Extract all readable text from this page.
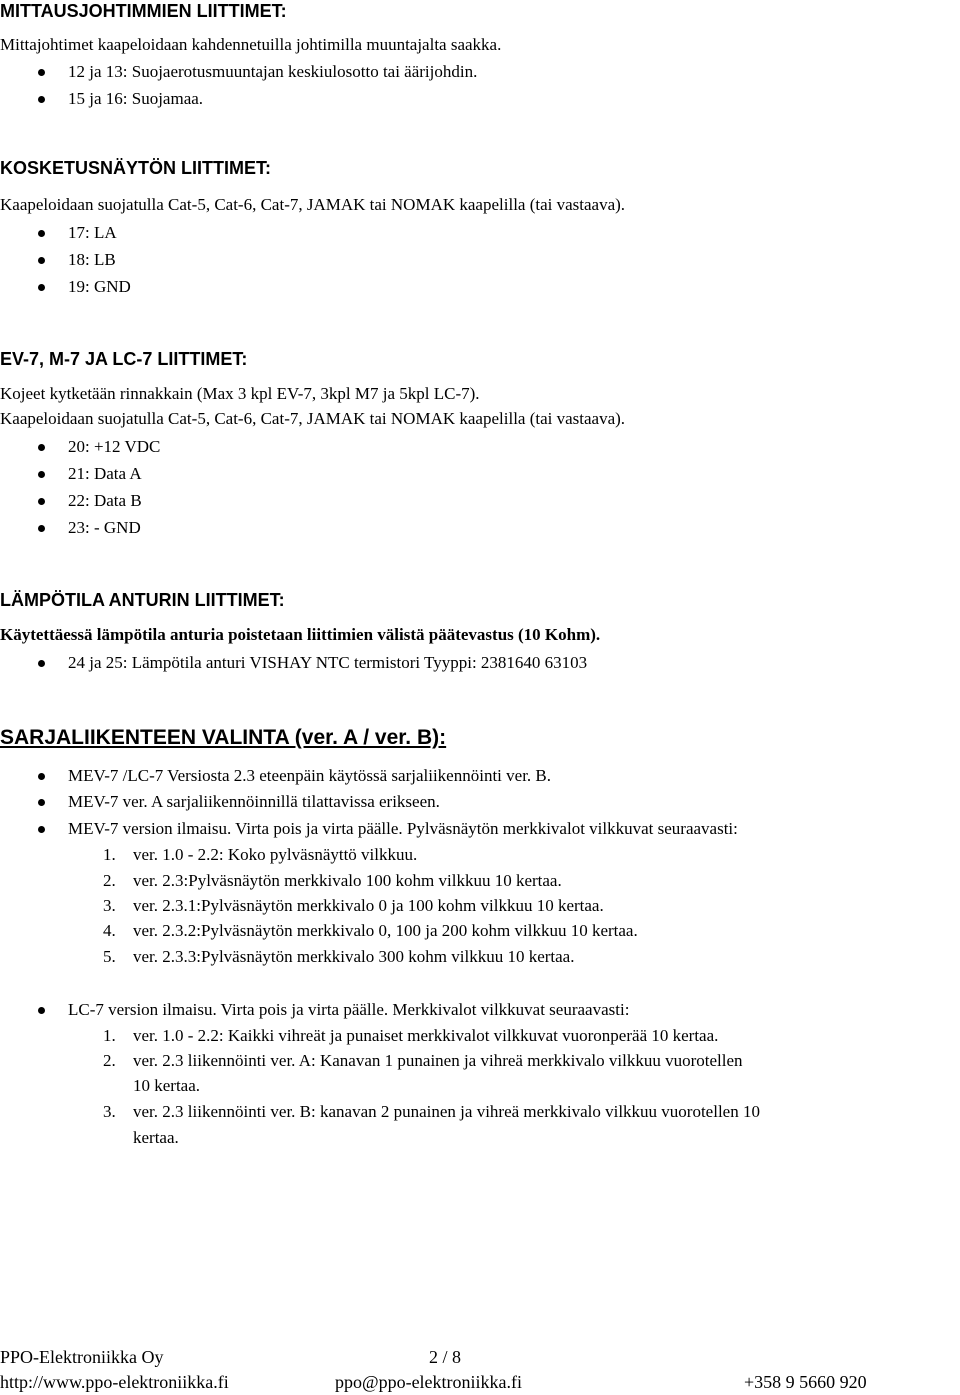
MITTAUSJOHTIMMIEN LIITTIMET:
Mittajohtimet kaapeloidaan kahdennetuilla johtimilla muuntajalta saakka.
12 ja 13: Suojaerotusmuuntajan keskiulosotto tai äärijohdin.
15 ja 16: Suojamaa.
KOSKETUSNÄYTÖN LIITTIMET:
Kaapeloidaan suojatulla Cat-5, Cat-6, Cat-7, JAMAK tai NOMAK kaapelilla (tai vastaava).
17: LA
18: LB
19: GND
EV-7, M-7 JA LC-7 LIITTIMET:
Kojeet kytketään rinnakkain (Max 3 kpl EV-7, 3kpl M7 ja 5kpl LC-7).
Kaapeloidaan suojatulla Cat-5, Cat-6, Cat-7, JAMAK tai NOMAK kaapelilla (tai vastaava).
20: +12 VDC
21: Data A
22: Data B
23: - GND
LÄMPÖTILA ANTURIN LIITTIMET:
Käytettäessä lämpötila anturia poistetaan liittimien välistä päätevastus (10 Kohm).
24 ja 25: Lämpötila anturi VISHAY NTC termistori Tyyppi: 2381640 63103
SARJALIIKENTEEN VALINTA (ver. A / ver. B):
MEV-7 /LC-7 Versiosta 2.3 eteenpäin käytössä sarjaliikennöinti ver. B.
MEV-7 ver. A sarjaliikennöinnillä tilattavissa erikseen.
MEV-7 version ilmaisu. Virta pois ja virta päälle. Pylväsnäytön merkkivalot vilkkuvat seuraavasti:
1. ver. 1.0 - 2.2: Koko pylväsnäyttö vilkkuu.
2. ver. 2.3:Pylväsnäytön merkkivalo 100 kohm vilkkuu 10 kertaa.
3. ver. 2.3.1:Pylväsnäytön merkkivalo 0 ja 100 kohm vilkkuu 10 kertaa.
4. ver. 2.3.2:Pylväsnäytön merkkivalo 0, 100 ja 200 kohm vilkkuu 10 kertaa.
5. ver. 2.3.3:Pylväsnäytön merkkivalo 300 kohm vilkkuu 10 kertaa.
LC-7 version ilmaisu. Virta pois ja virta päälle. Merkkivalot vilkkuvat seuraavasti:
1. ver. 1.0 - 2.2: Kaikki vihreät ja punaiset merkkivalot vilkkuvat vuoronperää 10 kertaa.
2. ver. 2.3 liikennöinti ver. A: Kanavan 1 punainen ja vihreä merkkivalo vilkkuu vuorotellen
10 kertaa.
3. ver. 2.3 liikennöinti ver. B: kanavan 2 punainen ja vihreä merkkivalo vilkkuu vuorotellen 10
kertaa.
PPO-Elektroniikka Oy	2 / 8
http://www.ppo-elektroniikka.fi	ppo@ppo-elektroniikka.fi	+358 9 5660 920
